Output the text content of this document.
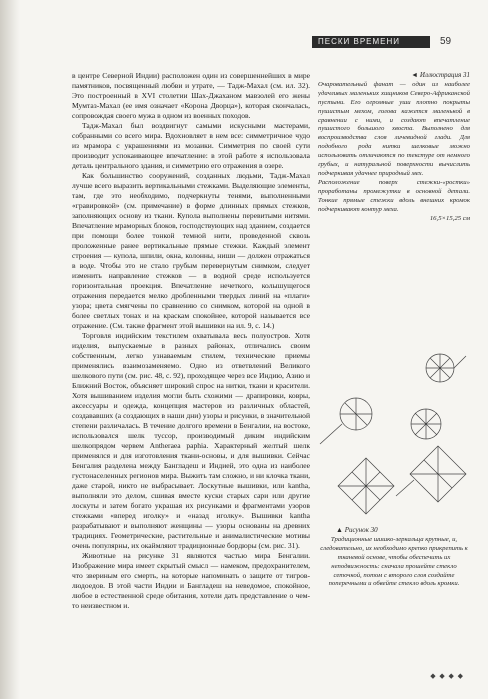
ПЕСКИ ВРЕМЕНИ	59

в центре Северной Индии) расположен один из совершеннейших в мире памятников, посвященный любви и утрате, — Тадж-Махал (см. ил. 32). Это построенный в XVI столетии Шах-Джаханом мавзолей его жены Мумтаз-Махал (ее имя означает «Корона Дворца»), которая скончалась, сопровождая своего мужа в одном из военных походов.

Тадж-Махал был воздвигнут самыми искусными мастерами, собранными со всего мира. Вдохновляет в нем все: симметричное чудо из мрамора с украшениями из мозаики. Симметрия по своей сути производит успокаивающее впечатление: в этой работе я использовала деталь центрального здания, и симметрию его отражения в озере.

Как большинство сооружений, созданных людьми, Тадж-Махал лучше всего выразить вертикальными стежками. Выделяющие элементы, там, где это необходимо, подчеркнуты тенями, выполненными «гравировкой» (см. примечание) в форме длинных прямых стежков, заполняющих основу из ткани. Купола выполнены перевитыми нитями. Впечатление мраморных блоков, господствующих над зданием, создается при помощи более тонкой темной нити, проведенной сквозь проложенные ранее вертикальные прямые стежки. Каждый элемент строения — купола, шпили, окна, колонны, ниши — должен отражаться в воде. Чтобы это не стало грубым перевернутым снимком, следует изменить направление стежков — в водной среде используется горизонтальная проекция. Впечатление нечеткого, колышущегося отражения передается мелко дробленными твердых линий на «плаги» узора; цвета смягчены по сравнению со снимком, которой на одной в более светлых тонах и на краскам спокойнее, которой называется все отражение. (См. также фрагмент этой вышивки на ил. 9, с. 14.)

Торговля индийским текстилем охватывала весь полуостров. Хотя изделия, выпускаемые в разных районах, отличались своим собственным, легко узнаваемым стилем, технические приемы применялись взаимозаменяемо. Одно из ответвлений Великого шелкового пути (см. рис. 48, с. 92), проходящее через все Индию, Азию и Ближний Восток, объясняет широкий спрос на нитки, ткани и красители. Хотя вышиванием изделия могли быть схожими — драпировки, ковры, аксессуары и одежда, концепция мастеров из различных областей, создававших (а создающих в наши дни) узоры и рисунки, в значительной степени различалась. В течение долгого времени в Бенгалии, на востоке, использовался шелк туссор, производимый диким индийским шелкопрядом червем Antheraea paphia. Характерный желтый шелк применялся и для изготовления ткани-основы, и для вышивки. Сейчас Бенгалия разделена между Бангладеш и Индией, это одна из наиболее густонаселенных регионов мира. Выжить там сложно, и ни клочка ткани, даже старой, никто не выбрасывает. Лоскутные вышивки, или kantha, выполняли это делом, сшивая вместе куски старых сари или другие лоскуты и затем богато украшая их рисунками и фрагментами узоров стежками «вперед иголку» и «назад иголку». Вышивки kantha разрабатывают и выполняют женщины — узоры основаны на древних традициях. Геометрические, растительные и анималистические мотивы очень популярны, их окаймляют традиционные бордюры (см. рис. 31).

Животные на рисунке 31 являются частью мира Бенгалии. Изображение мира имеет скрытый смысл — намеком, предохранителем, что звериным его смерть, на которые напоминать о защите от тигров-людоедов. В этой части Индии и Бангладеш на неведомое, спокойное, любое в естественной среде обитания, хотели дать представление о чем-то неизвестном и.

◄ Иллюстрация 31

Очаровательный фанат — один из наиболее удачливых маленьких хищников Северо-Африканской пустыни. Его огромные уши плотно покрыты пушистым мехом, голова кажется маленькой в сравнении с ними, и создают впечатление пушистого большого хвоста. Выполнено для воспроизводства слоя личевидной глади. Для подобного рода нитки шелковые можно использовать отличаются по текстуре от немного грубых, и натуральной поверхности вычислить подчеркивая удачнее природный мех.

Расположение поверх стежки-«ростки» проработаны промежутки в основной детали. Тонкие прямые стежки вдоль внешних кромок подчеркивают контур меха.

16,5×15,25 см

▲ Рисунок 30

Традиционные шишко-зеркальца крупные, и, следовательно, их необходимо крепко прикрепить к тканевой основе, чтобы обеспечить их неподвижность: сначала прошейте стекло сеточкой, потом с второго слоя создайте поперечными и обвейте стекло вдоль кромки.

◆ ◆ ◆ ◆
